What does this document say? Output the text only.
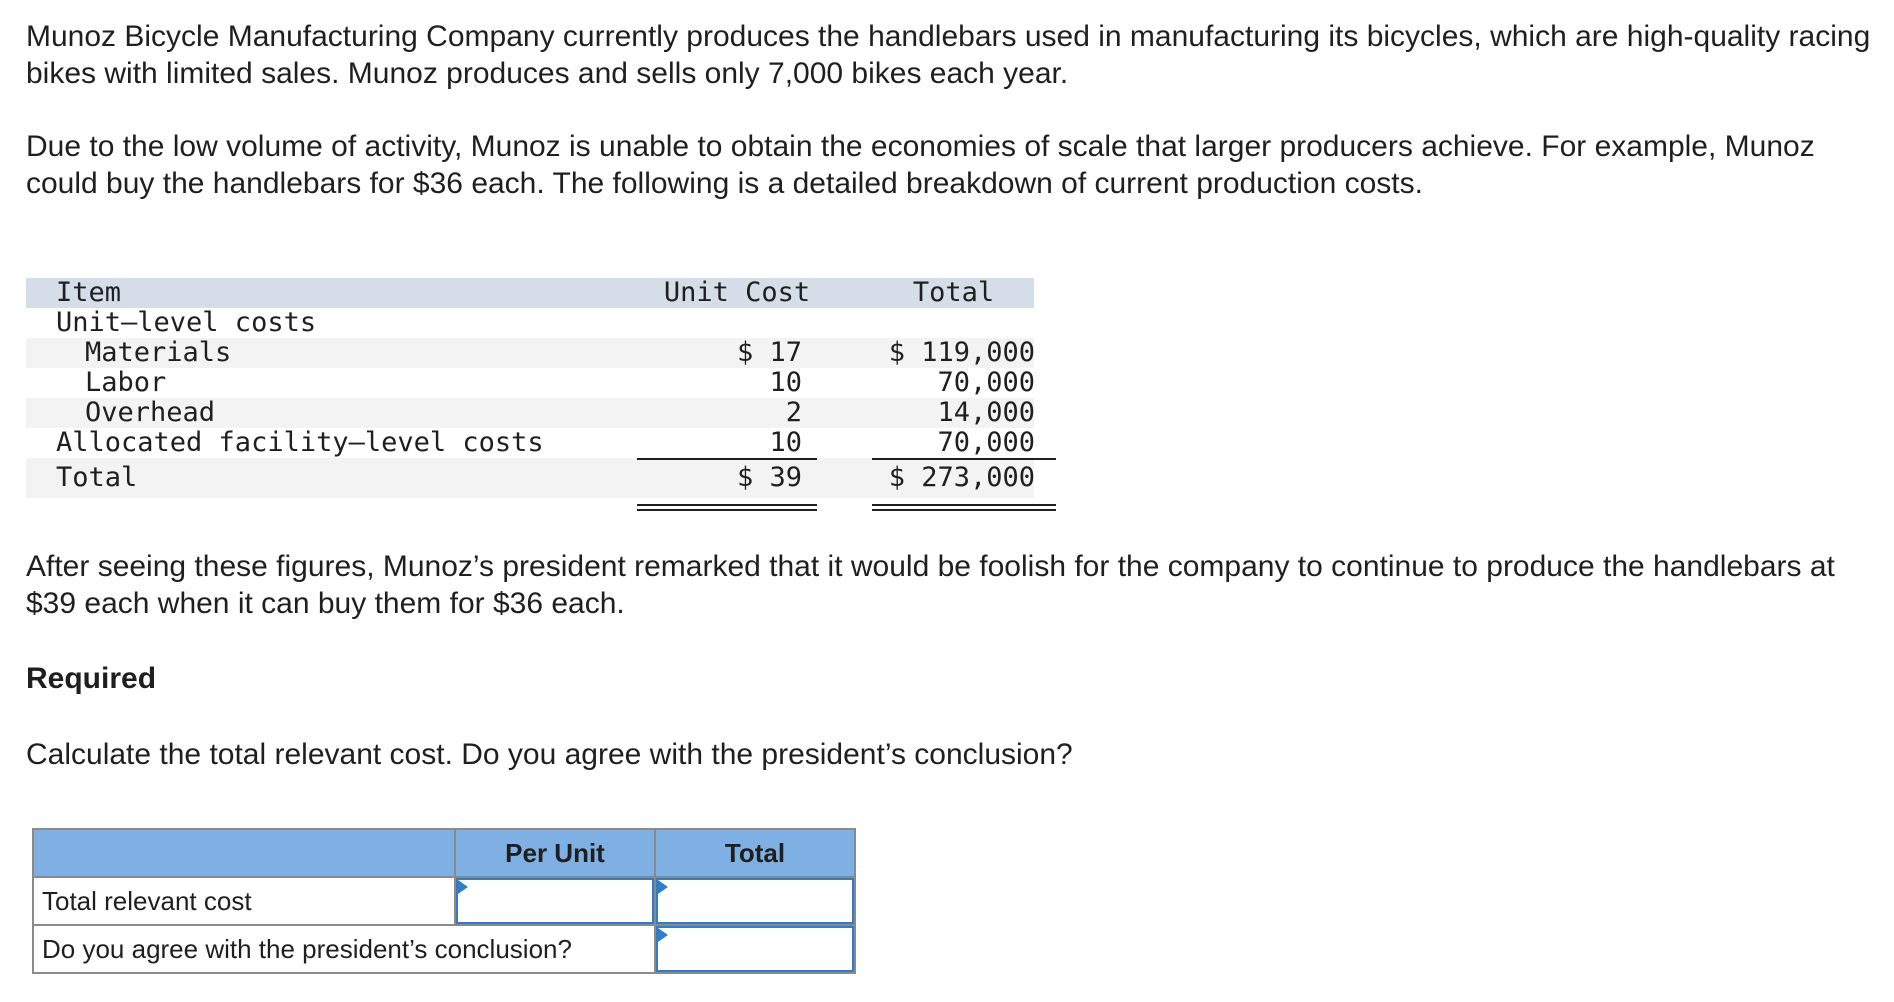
Munoz Bicycle Manufacturing Company currently produces the handlebars used in manufacturing its bicycles, which are high-quality racing bikes with limited sales. Munoz produces and sells only 7,000 bikes each year.

Due to the low volume of activity, Munoz is unable to obtain the economies of scale that larger producers achieve. For example, Munoz could buy the handlebars for $36 each. The following is a detailed breakdown of current production costs.

Item	Unit Cost	Total
Unit–level costs
Materials	$ 17	$ 119,000
Labor	10	70,000
Overhead	2	14,000
Allocated facility–level costs	10	70,000
Total	$ 39	$ 273,000

After seeing these figures, Munoz’s president remarked that it would be foolish for the company to continue to produce the handlebars at $39 each when it can buy them for $36 each.

Required

Calculate the total relevant cost. Do you agree with the president’s conclusion?

	Per Unit	Total
Total relevant cost	

Do you agree with the president’s conclusion?	
